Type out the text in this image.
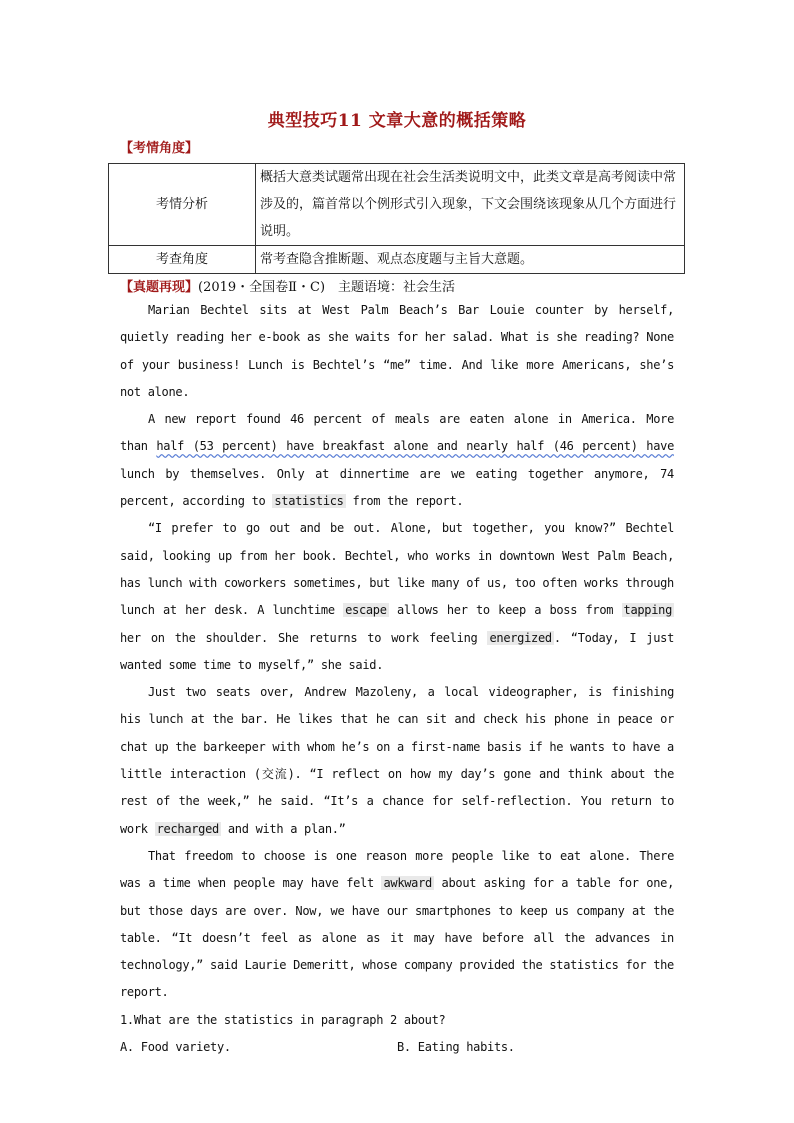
典型技巧11 文章大意的概括策略
【考情角度】
考情分析	概括大意类试题常出现在社会生活类说明文中，此类文章是高考阅读中常涉及的，篇首常以个例形式引入现象，下文会围绕该现象从几个方面进行说明。
考查角度	常考查隐含推断题、观点态度题与主旨大意题。
【真题再现】(2019・全国卷Ⅱ・C)　主题语境：社会生活

Marian Bechtel sits at West Palm Beach’s Bar Louie counter by herself, quietly reading her e-book as she waits for her salad. What is she reading? None of your business! Lunch is Bechtel’s “me” time. And like more Americans, she’s not alone.

A new report found 46 percent of meals are eaten alone in America. More than half (53 percent) have breakfast alone and nearly half (46 percent) have lunch by themselves. Only at dinnertime are we eating together anymore, 74 percent, according to statistics from the report.

“I prefer to go out and be out. Alone, but together, you know?” Bechtel said, looking up from her book. Bechtel, who works in downtown West Palm Beach, has lunch with coworkers sometimes, but like many of us, too often works through lunch at her desk. A lunchtime escape allows her to keep a boss from tapping her on the shoulder. She returns to work feeling energized . “Today, I just wanted some time to myself,” she said.

Just two seats over, Andrew Mazoleny, a local videographer, is finishing his lunch at the bar. He likes that he can sit and check his phone in peace or chat up the barkeeper with whom he’s on a first-name basis if he wants to have a little interaction (交流). “I reflect on how my day’s gone and think about the rest of the week,” he said. “It’s a chance for self-reflection. You return to work recharged and with a plan.”

That freedom to choose is one reason more people like to eat alone. There was a time when people may have felt awkward about asking for a table for one, but those days are over. Now, we have our smartphones to keep us company at the table. “It doesn’t feel as alone as it may have before all the advances in technology,” said Laurie Demeritt, whose company provided the statistics for the report.

1.What are the statistics in paragraph 2 about?
A. Food variety.	B. Eating habits.
